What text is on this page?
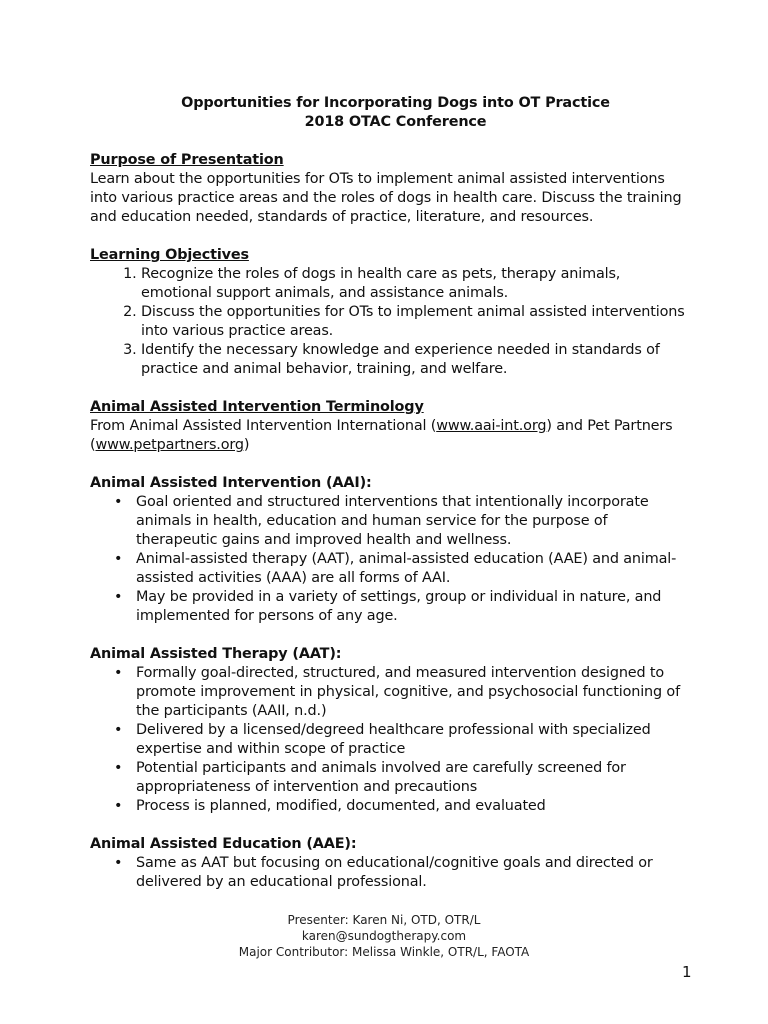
Opportunities for Incorporating Dogs into OT Practice
2018 OTAC Conference
Purpose of Presentation

Learn about the opportunities for OTs to implement animal assisted interventions into various practice areas and the roles of dogs in health care. Discuss the training and education needed, standards of practice, literature, and resources.

Learning Objectives
1. Recognize the roles of dogs in health care as pets, therapy animals, emotional support animals, and assistance animals.
2. Discuss the opportunities for OTs to implement animal assisted interventions into various practice areas.
3. Identify the necessary knowledge and experience needed in standards of practice and animal behavior, training, and welfare.
Animal Assisted Intervention Terminology

From Animal Assisted Intervention International (www.aai-int.org) and Pet Partners (www.petpartners.org)

Animal Assisted Intervention (AAI):
• Goal oriented and structured interventions that intentionally incorporate animals in health, education and human service for the purpose of therapeutic gains and improved health and wellness.
• Animal-assisted therapy (AAT), animal-assisted education (AAE) and animal-assisted activities (AAA) are all forms of AAI.
• May be provided in a variety of settings, group or individual in nature, and implemented for persons of any age.
Animal Assisted Therapy (AAT):
• Formally goal-directed, structured, and measured intervention designed to promote improvement in physical, cognitive, and psychosocial functioning of the participants (AAII, n.d.)
• Delivered by a licensed/degreed healthcare professional with specialized expertise and within scope of practice
• Potential participants and animals involved are carefully screened for appropriateness of intervention and precautions
• Process is planned, modified, documented, and evaluated
Animal Assisted Education (AAE):
• Same as AAT but focusing on educational/cognitive goals and directed or delivered by an educational professional.
Presenter: Karen Ni, OTD, OTR/L
karen@sundogtherapy.com
Major Contributor: Melissa Winkle, OTR/L, FAOTA
1
